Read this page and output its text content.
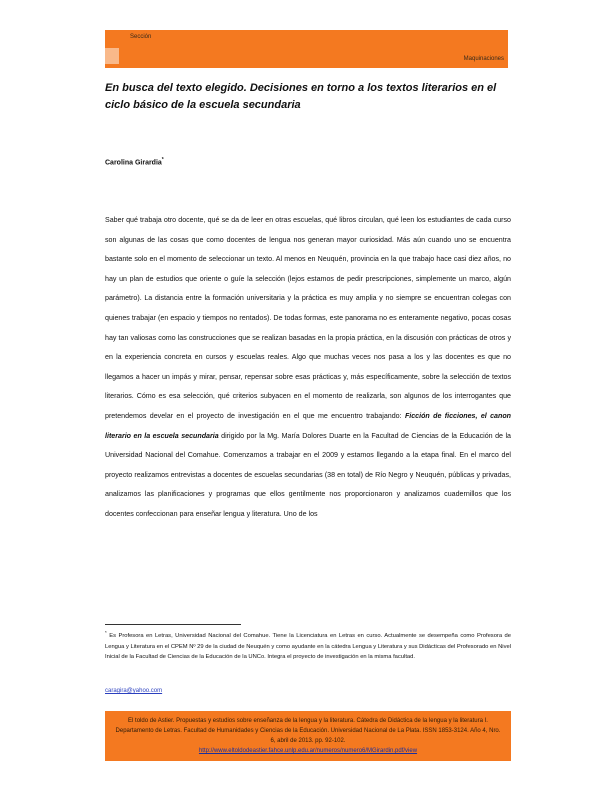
Sección
Maquinaciones
En busca del texto elegido. Decisiones en torno a los textos literarios en el ciclo básico de la escuela secundaria
Carolina Girardia*
Saber qué trabaja otro docente, qué se da de leer en otras escuelas, qué libros circulan, qué leen los estudiantes de cada curso son algunas de las cosas que como docentes de lengua nos generan mayor curiosidad. Más aún cuando uno se encuentra bastante solo en el momento de seleccionar un texto. Al menos en Neuquén, provincia en la que trabajo hace casi diez años, no hay un plan de estudios que oriente o guíe la selección (lejos estamos de pedir prescripciones, simplemente un marco, algún parámetro). La distancia entre la formación universitaria y la práctica es muy amplia y no siempre se encuentran colegas con quienes trabajar (en espacio y tiempos no rentados). De todas formas, este panorama no es enteramente negativo, pocas cosas hay tan valiosas como las construcciones que se realizan basadas en la propia práctica, en la discusión con prácticas de otros y en la experiencia concreta en cursos y escuelas reales. Algo que muchas veces nos pasa a los y las docentes es que no llegamos a hacer un impás y mirar, pensar, repensar sobre esas prácticas y, más específicamente, sobre la selección de textos literarios. Cómo es esa selección, qué criterios subyacen en el momento de realizarla, son algunos de los interrogantes que pretendemos develar en el proyecto de investigación en el que me encuentro trabajando: Ficción de ficciones, el canon literario en la escuela secundaria dirigido por la Mg. María Dolores Duarte en la Facultad de Ciencias de la Educación de la Universidad Nacional del Comahue. Comenzamos a trabajar en el 2009 y estamos llegando a la etapa final. En el marco del proyecto realizamos entrevistas a docentes de escuelas secundarias (38 en total) de Río Negro y Neuquén, públicas y privadas, analizamos las planificaciones y programas que ellos gentilmente nos proporcionaron y analizamos cuadernillos que los docentes confeccionan para enseñar lengua y literatura. Uno de los
* Es Profesora en Letras, Universidad Nacional del Comahue. Tiene la Licenciatura en Letras en curso. Actualmente se desempeña como Profesora de Lengua y Literatura en el CPEM Nº 29 de la ciudad de Neuquén y como ayudante en la cátedra Lengua y Literatura y sus Didácticas del Profesorado en Nivel Inicial de la Facultad de Ciencias de la Educación de la UNCo. Integra el proyecto de investigación en la misma facultad.
caragira@yahoo.com
El toldo de Astier. Propuestas y estudios sobre enseñanza de la lengua y la literatura. Cátedra de Didáctica de la lengua y la literatura I. Departamento de Letras. Facultad de Humanidades y Ciencias de la Educación. Universidad Nacional de La Plata. ISSN 1853-3124. Año 4, Nro. 6, abril de 2013. pp. 92-102.
http://www.eltoldodeastier.fahce.unlp.edu.ar/numeros/numero6/MGirardin.pdf/view
